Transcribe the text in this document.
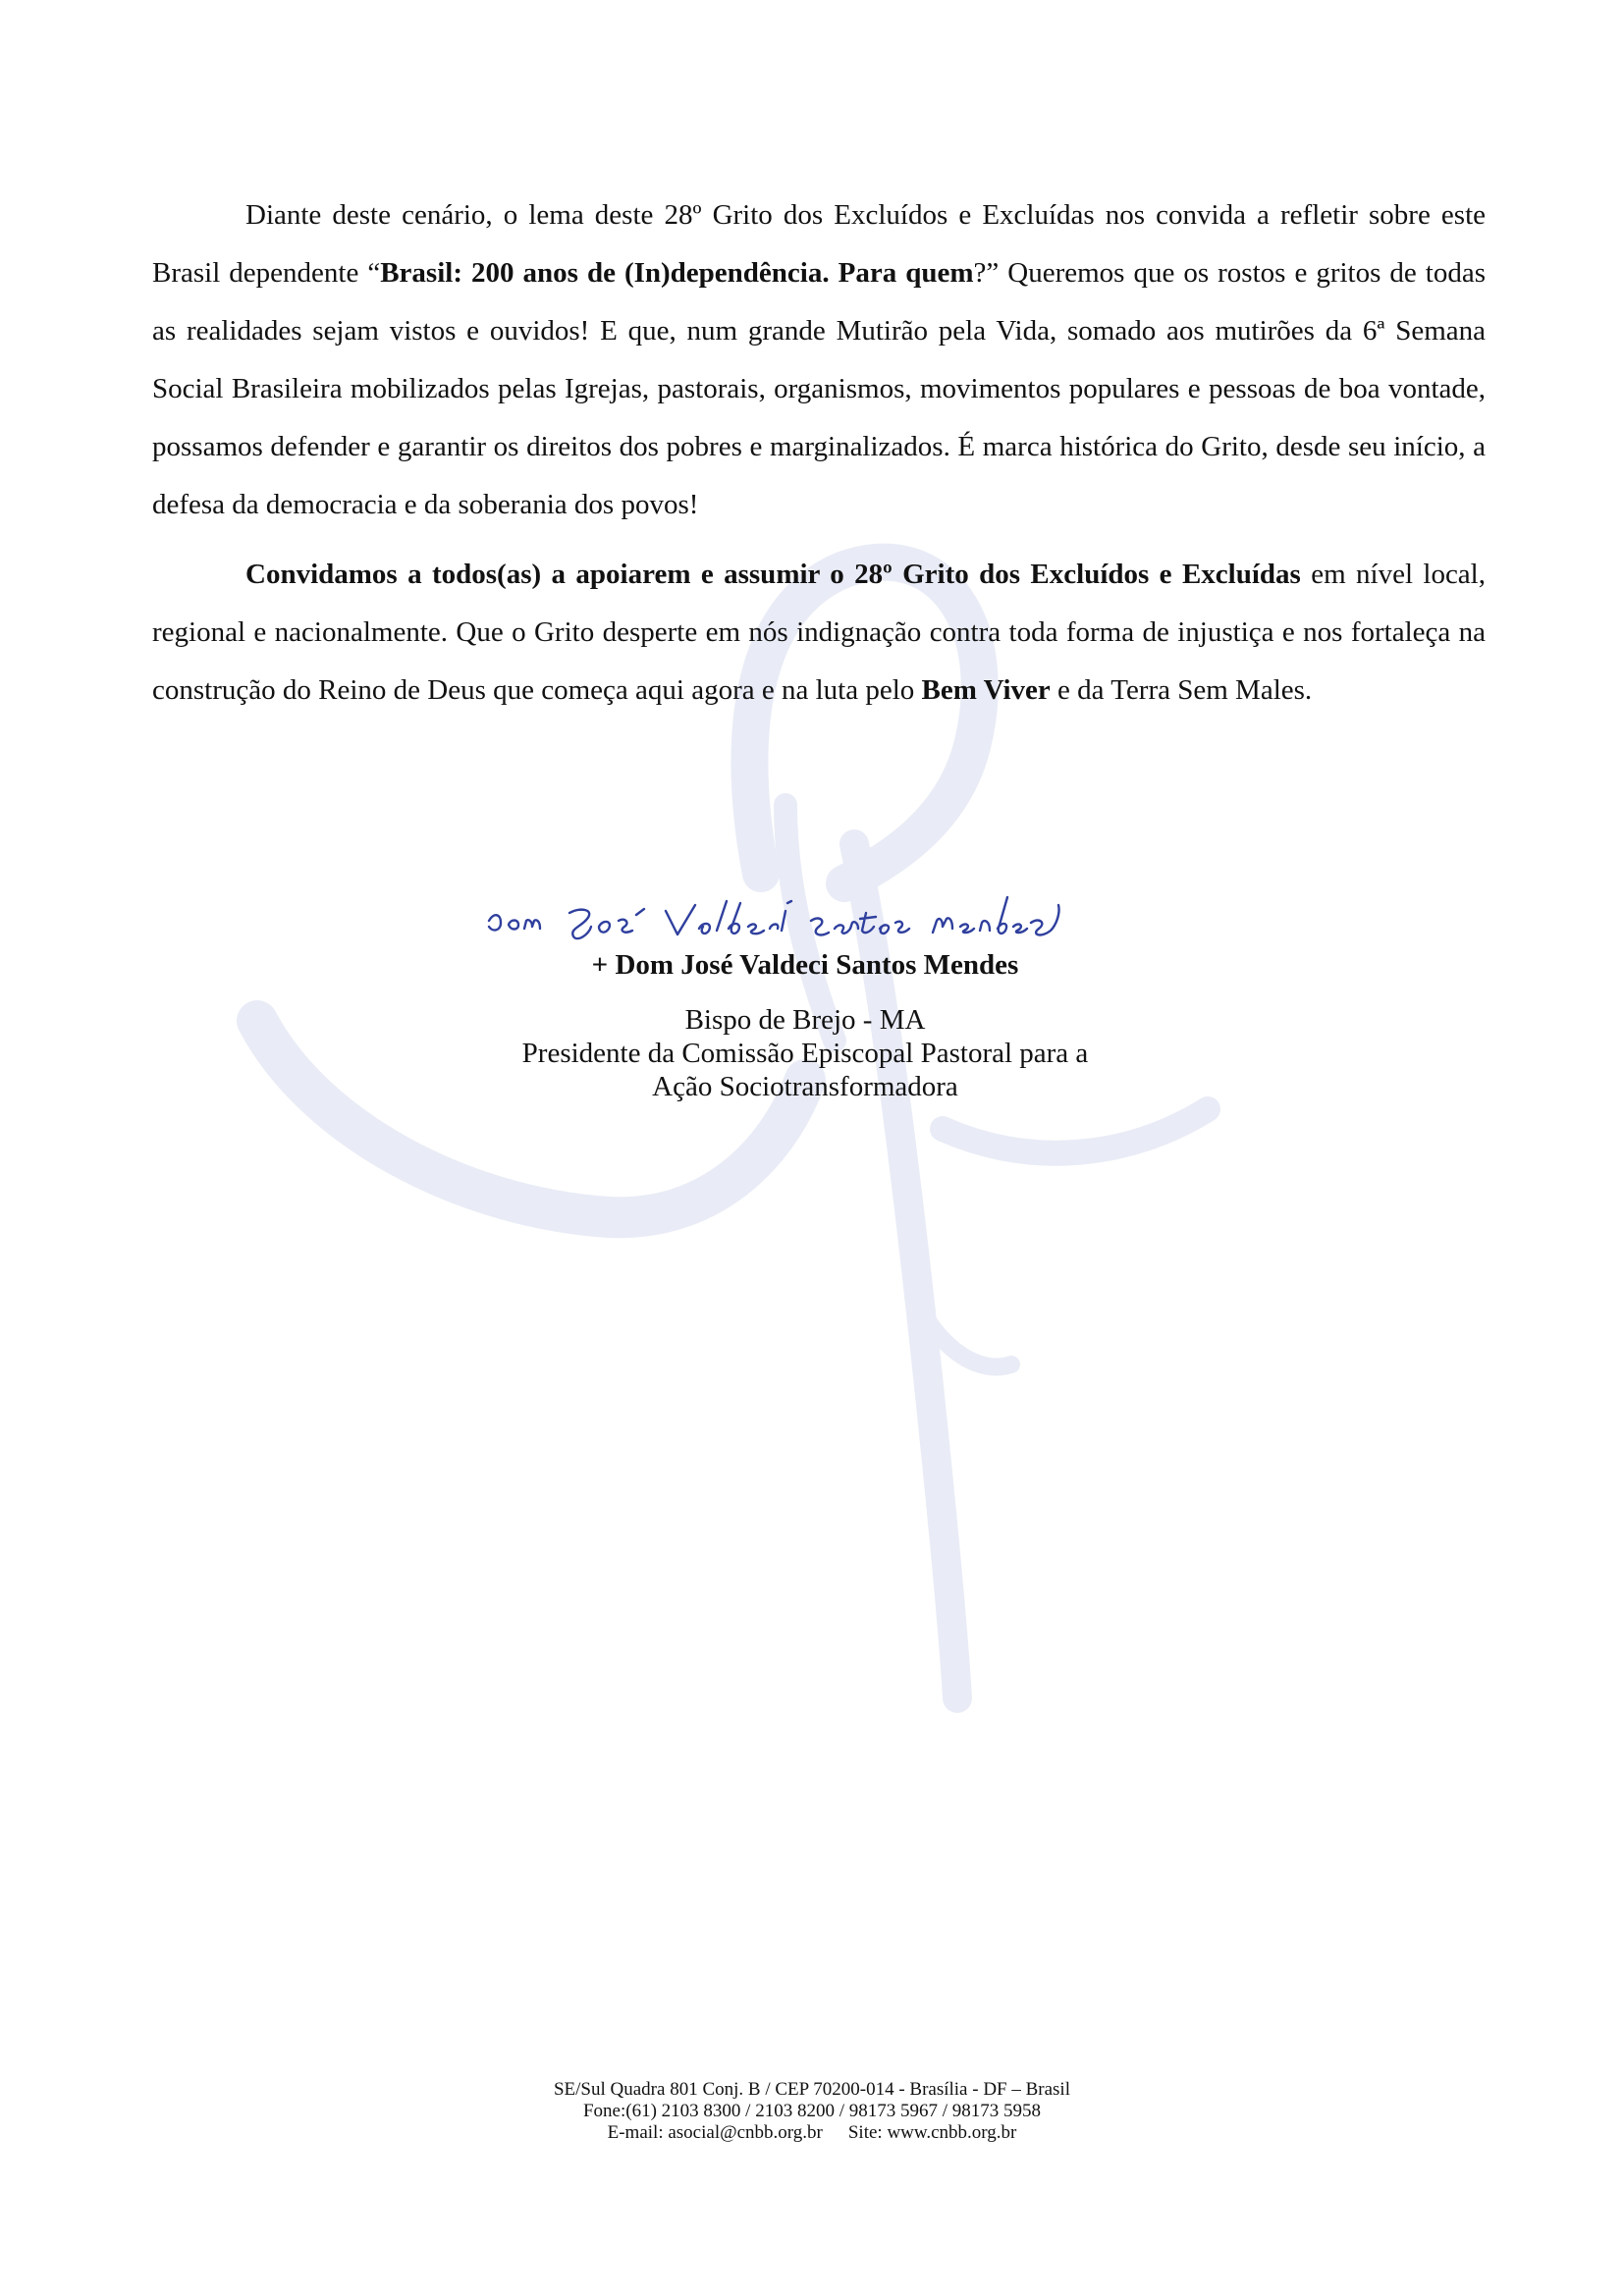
Diante deste cenário, o lema deste 28º Grito dos Excluídos e Excluídas nos convida a refletir sobre este Brasil dependente “Brasil: 200 anos de (In)dependência. Para quem?” Queremos que os rostos e gritos de todas as realidades sejam vistos e ouvidos! E que, num grande Mutirão pela Vida, somado aos mutirões da 6ª Semana Social Brasileira mobilizados pelas Igrejas, pastorais, organismos, movimentos populares e pessoas de boa vontade, possamos defender e garantir os direitos dos pobres e marginalizados. É marca histórica do Grito, desde seu início, a defesa da democracia e da soberania dos povos!

Convidamos a todos(as) a apoiarem e assumir o 28º Grito dos Excluídos e Excluídas em nível local, regional e nacionalmente. Que o Grito desperte em nós indignação contra toda forma de injustiça e nos fortaleça na construção do Reino de Deus que começa aqui agora e na luta pelo Bem Viver e da Terra Sem Males.

+ Dom José Valdeci Santos Mendes
Bispo de Brejo - MA
Presidente da Comissão Episcopal Pastoral para a
Ação Sociotransformadora
SE/Sul Quadra 801 Conj. B / CEP 70200-014 - Brasília - DF – Brasil
Fone:(61) 2103 8300 / 2103 8200 / 98173 5967 / 98173 5958
E-mail: asocial@cnbb.org.br Site: www.cnbb.org.br
